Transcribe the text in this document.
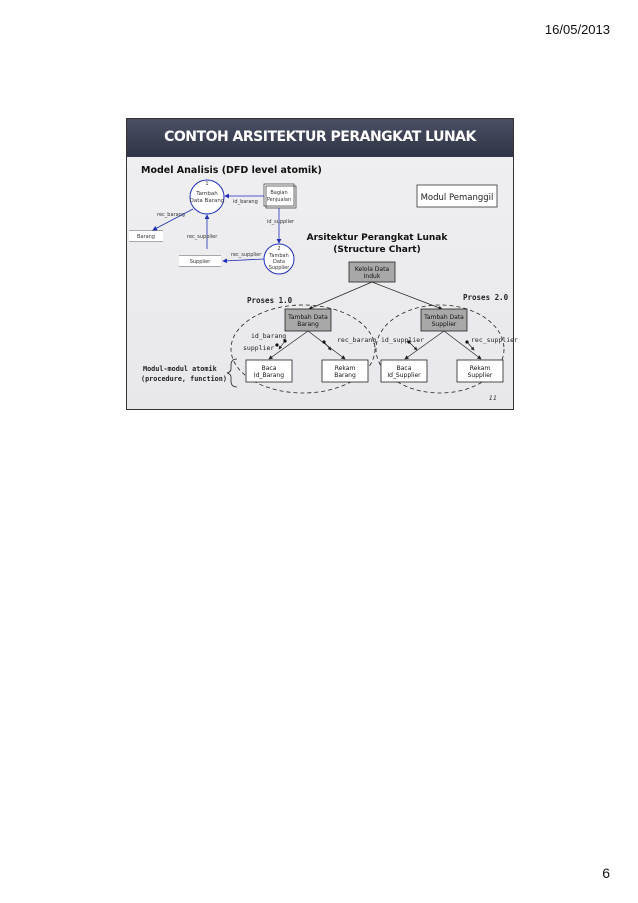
16/05/2013
CONTOH ARSITEKTUR PERANGKAT LUNAK
Model Analisis (DFD level atomik)
1
Tambah
Data Barang
Bagian
Penjualan
id_barang
Barang
rec_barang
id_supplier
2
Tambah
Data
Supplier
rec_supplier
Supplier
rec_supplier
Modul Pemanggil
Arsitektur Perangkat Lunak
(Structure Chart)
Kelola Data
Induk
Proses 1.0	Proses 2.0
Tambah Data
Barang
Tambah Data
Supplier
id_barang
supplier
rec_barang id_supplier	rec_supplier
Baca
Id_Barang
Rekam
Barang
Baca
Id_Supplier
Rekam
Supplier
Modul-modul atomik
(procedure, function)
11
6
